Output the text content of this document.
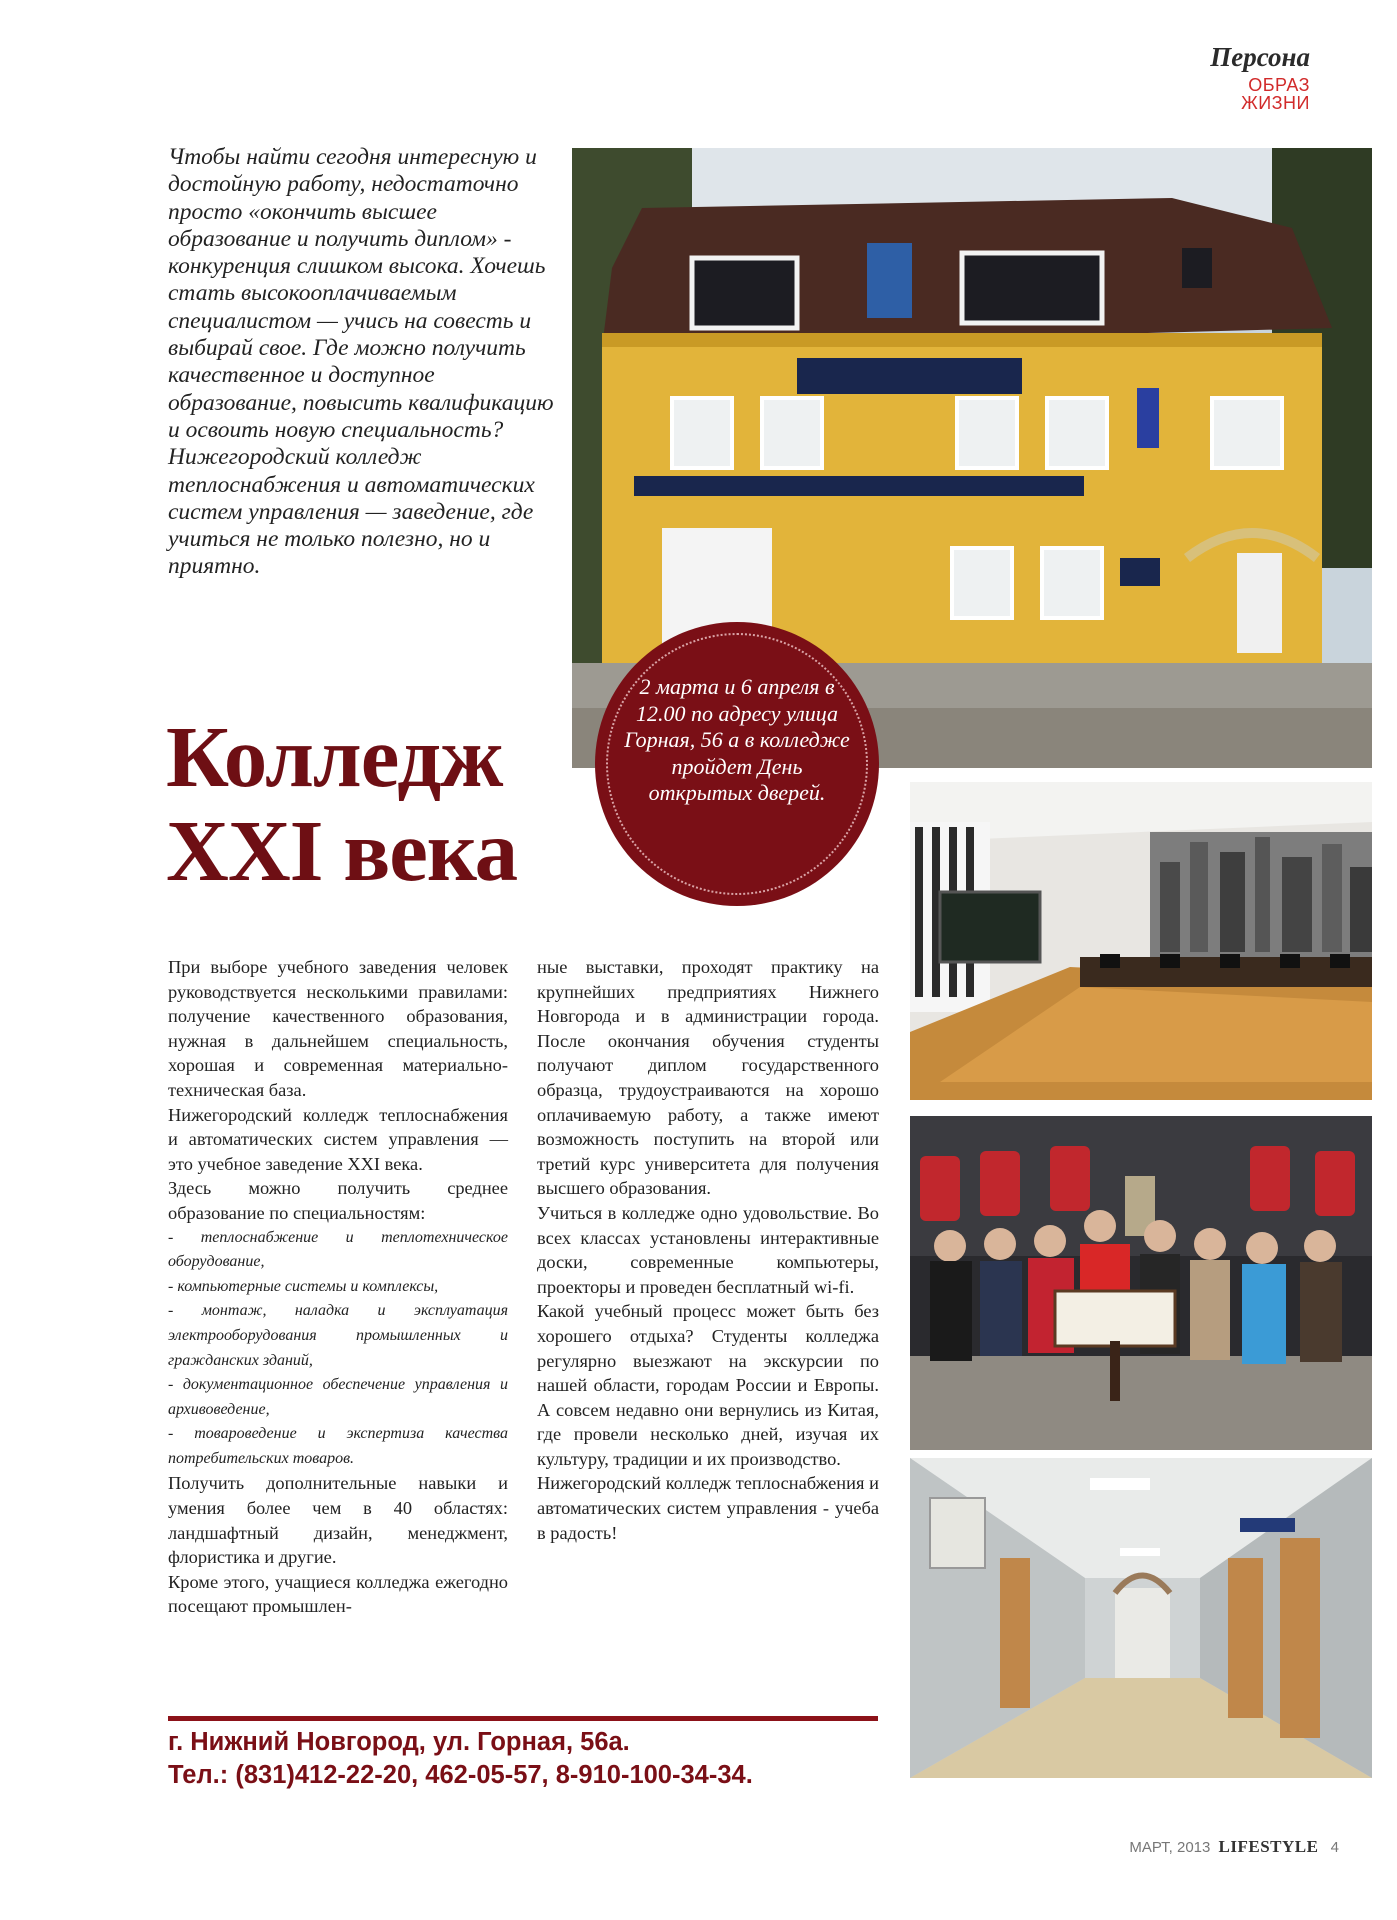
Персона
ОБРАЗ
ЖИЗНИ
Чтобы найти сегодня интересную и достойную работу, недостаточно просто «окончить высшее образование и получить диплом» - конкуренция слишком высока. Хочешь стать высокооплачиваемым специалистом — учись на совесть и выбирай свое. Где можно получить качественное и доступное образование, повысить квалификацию и освоить новую специальность? Нижегородский колледж теплоснабжения и автоматических систем управления — заведение, где учиться не только полезно, но и приятно.
Колледж
XXI века
2 марта и 6 апреля в 12.00 по адресу улица Горная, 56 а в колледже пройдет День открытых дверей.

При выборе учебного заведения человек руководствуется несколькими правилами: получение качественного образования, нужная в дальнейшем специальность, хорошая и современная материально-техническая база.

Нижегородский колледж теплоснабжения и автоматических систем управления — это учебное заведение XXI века.

Здесь можно получить среднее образование по специальностям:

- теплоснабжение и теплотехническое оборудование,

- компьютерные системы и комплексы,

- монтаж, наладка и эксплуатация электрооборудования промышленных и гражданских зданий,

- документационное обеспечение управления и архивоведение,

- товароведение и экспертиза качества потребительских товаров.

Получить дополнительные навыки и умения более чем в 40 областях: ландшафтный дизайн, менеджмент, флористика и другие.

Кроме этого, учащиеся колледжа ежегодно посещают промышлен-

ные выставки, проходят практику на крупнейших предприятиях Нижнего Новгорода и в администрации города. После окончания обучения студенты получают диплом государственного образца, трудоустраиваются на хорошо оплачиваемую работу, а также имеют возможность поступить на второй или третий курс университета для получения высшего образования.

Учиться в колледже одно удовольствие. Во всех классах установлены интерактивные доски, современные компьютеры, проекторы и проведен бесплатный wi-fi.

Какой учебный процесс может быть без хорошего отдыха? Студенты колледжа регулярно выезжают на экскурсии по нашей области, городам России и Европы. А совсем недавно они вернулись из Китая, где провели несколько дней, изучая их культуру, традиции и их производство.

Нижегородский колледж теплоснабжения и автоматических систем управления - учеба в радость!

г. Нижний Новгород, ул. Горная, 56а.
Тел.: (831)412-22-20, 462-05-57, 8-910-100-34-34.
МАРТ, 2013 LIFESTYLE 4
